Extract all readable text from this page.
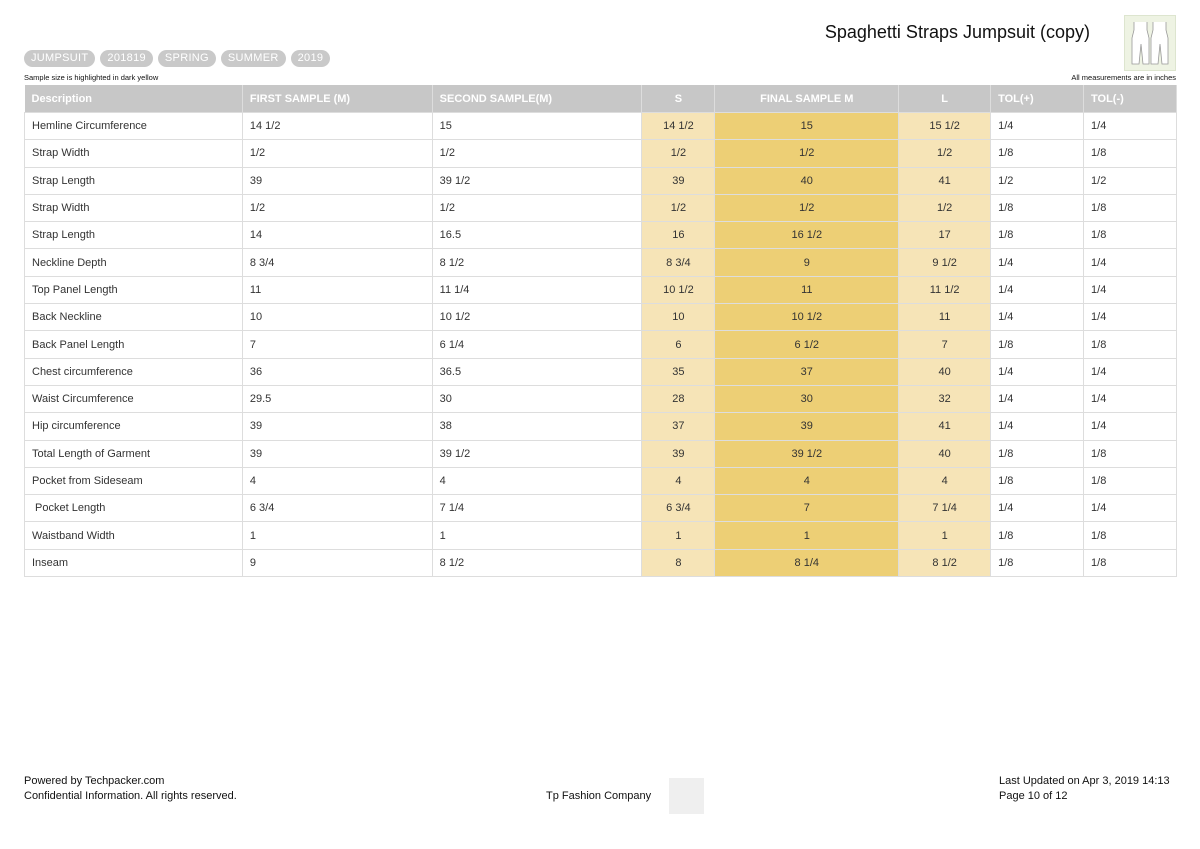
Spaghetti Straps Jumpsuit (copy)
JUMPSUIT	201819	SPRING	SUMMER	2019
Sample size is highlighted in dark yellow	All measurements are in inches
Description	FIRST SAMPLE (M)	SECOND SAMPLE(M)	S	FINAL SAMPLE M	L	TOL(+)	TOL(-)
Hemline Circumference	14 1/2	15	14 1/2	15	15 1/2	1/4	1/4
Strap Width	1/2	1/2	1/2	1/2	1/2	1/8	1/8
Strap Length	39	39 1/2	39	40	41	1/2	1/2
Strap Width	1/2	1/2	1/2	1/2	1/2	1/8	1/8
Strap Length	14	16.5	16	16 1/2	17	1/8	1/8
Neckline Depth	8 3/4	8 1/2	8 3/4	9	9 1/2	1/4	1/4
Top Panel Length	11	11 1/4	10 1/2	11	11 1/2	1/4	1/4
Back Neckline	10	10 1/2	10	10 1/2	11	1/4	1/4
Back Panel Length	7	6 1/4	6	6 1/2	7	1/8	1/8
Chest circumference	36	36.5	35	37	40	1/4	1/4
Waist Circumference	29.5	30	28	30	32	1/4	1/4
Hip circumference	39	38	37	39	41	1/4	1/4
Total Length of Garment	39	39 1/2	39	39 1/2	40	1/8	1/8
Pocket from Sideseam	4	4	4	4	4	1/8	1/8
Pocket Length	6 3/4	7 1/4	6 3/4	7	7 1/4	1/4	1/4
Waistband Width	1	1	1	1	1	1/8	1/8
Inseam	9	8 1/2	8	8 1/4	8 1/2	1/8	1/8
Powered by Techpacker.com
Confidential Information. All rights reserved.	Tp Fashion Company
Last Updated on Apr 3, 2019 14:13
Page 10 of 12
